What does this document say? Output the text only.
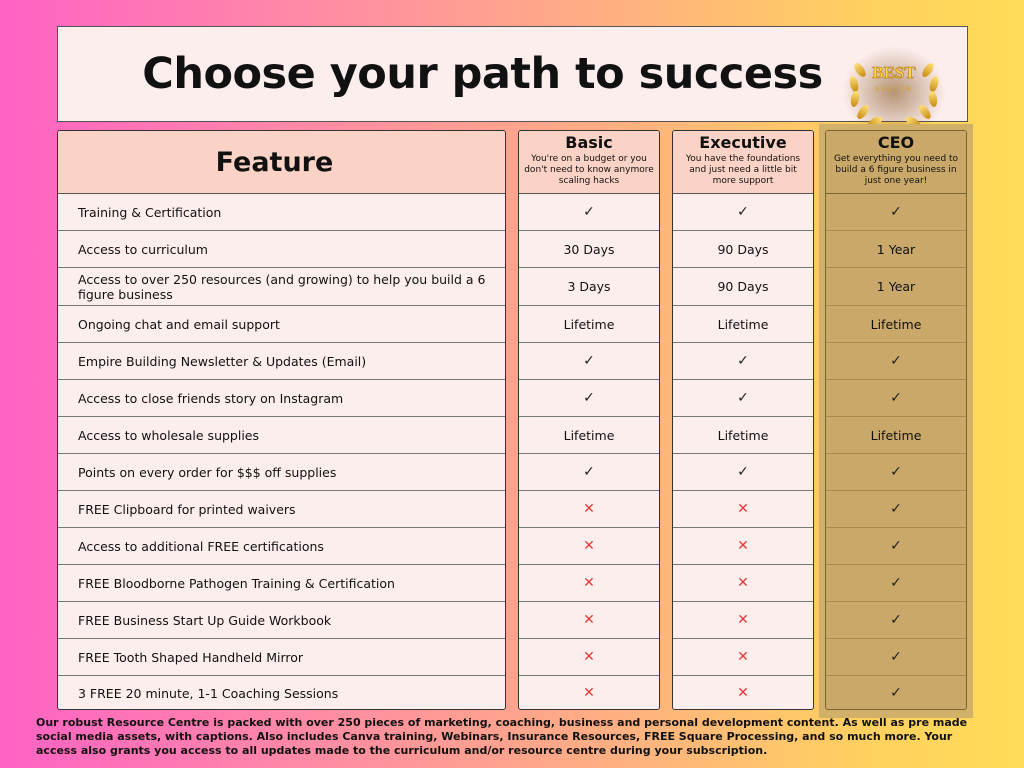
Choose your path to success	BEST
SELLER
Feature
Training & Certification
Access to curriculum
Access to over 250 resources (and growing) to help you build a 6 figure business
Ongoing chat and email support
Empire Building Newsletter & Updates (Email)
Access to close friends story on Instagram
Access to wholesale supplies
Points on every order for $$$ off supplies
FREE Clipboard for printed waivers
Access to additional FREE certifications
FREE Bloodborne Pathogen Training & Certification
FREE Business Start Up Guide Workbook
FREE Tooth Shaped Handheld Mirror
3 FREE 20 minute, 1-1 Coaching Sessions
Basic
You're on a budget or you don't need to know anymore scaling hacks
✓
30 Days
3 Days
Lifetime
✓
✓
Lifetime
✓
✕
✕
✕
✕
✕
✕
Executive
You have the foundations and just need a little bit more support
✓
90 Days
90 Days
Lifetime
✓
✓
Lifetime
✓
✕
✕
✕
✕
✕
✕
CEO
Get everything you need to build a 6 figure business in just one year!
✓
1 Year
1 Year
Lifetime
✓
✓
Lifetime
✓
✓
✓
✓
✓
✓
✓
Our robust Resource Centre is packed with over 250 pieces of marketing, coaching, business and personal development content. As well as pre made social media assets, with captions. Also includes Canva training, Webinars, Insurance Resources, FREE Square Processing, and so much more. Your access also grants you access to all updates made to the curriculum and/or resource centre during your subscription.
